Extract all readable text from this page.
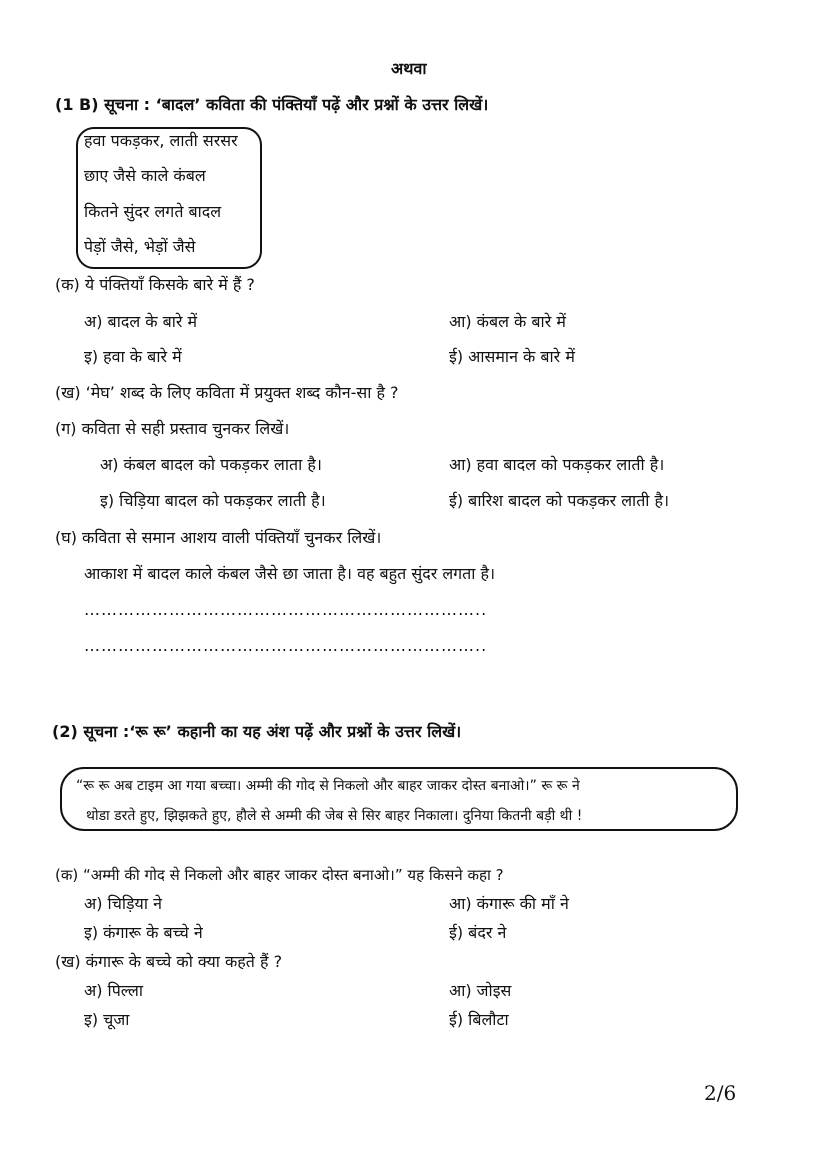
अथवा
(1 B) सूचना : ‘बादल’ कविता की पंक्तियाँ पढ़ें और प्रश्नों के उत्तर लिखें।
हवा पकड़कर, लाती सरसर
छाए जैसे काले कंबल
कितने सुंदर लगते बादल
पेड़ों जैसे, भेड़ों जैसे
(क) ये पंक्तियाँ किसके बारे में हैं ?
अ) बादल के बारे में	आ) कंबल के बारे में
इ) हवा के बारे में	ई) आसमान के बारे में
(ख) ‘मेघ’ शब्द के लिए कविता में प्रयुक्त शब्द कौन-सा है ?
(ग) कविता से सही प्रस्ताव चुनकर लिखें।
अ) कंबल बादल को पकड़कर लाता है।	आ) हवा बादल को पकड़कर लाती है।
इ) चिड़िया बादल को पकड़कर लाती है।	ई) बारिश बादल को पकड़कर लाती है।
(घ) कविता से समान आशय वाली पंक्तियाँ चुनकर लिखें।
आकाश में बादल काले कंबल जैसे छा जाता है। वह बहुत सुंदर लगता है।
……………………………………………………………..
……………………………………………………………..
(2) सूचना :‘रू रू’ कहानी का यह अंश पढ़ें और प्रश्नों के उत्तर लिखें।
“रू रू अब टाइम आ गया बच्चा। अम्मी की गोद से निकलो और बाहर जाकर दोस्त बनाओ।” रू रू ने
थोडा डरते हुए, झिझकते हुए, हौले से अम्मी की जेब से सिर बाहर निकाला। दुनिया कितनी बड़ी थी !
(क) “अम्मी की गोद से निकलो और बाहर जाकर दोस्त बनाओ।” यह किसने कहा ?
अ) चिड़िया ने	आ) कंगारू की माँ ने
इ) कंगारू के बच्चे ने	ई) बंदर ने
(ख) कंगारू के बच्चे को क्या कहते हैं ?
अ) पिल्ला	आ) जोइस
इ) चूजा	ई) बिलौटा
2/6
